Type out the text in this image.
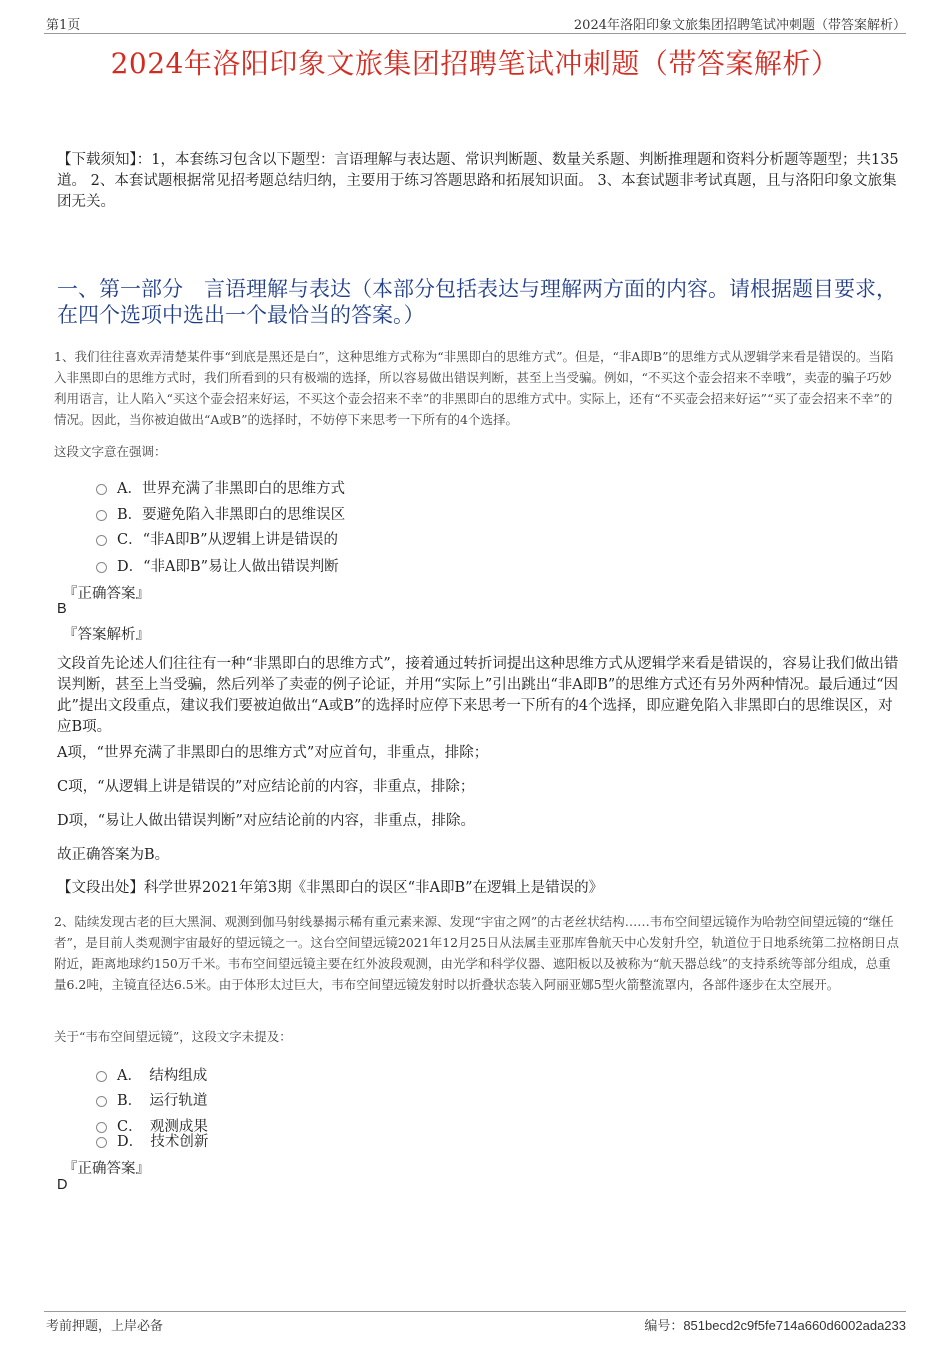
第1页	2024年洛阳印象文旅集团招聘笔试冲刺题（带答案解析）
2024年洛阳印象文旅集团招聘笔试冲刺题（带答案解析）
【下载须知】：1，本套练习包含以下题型：言语理解与表达题、常识判断题、数量关系题、判断推理题和资料分析题等题型；共135道。 2、本套试题根据常见招考题总结归纳，主要用于练习答题思路和拓展知识面。 3、本套试题非考试真题，且与洛阳印象文旅集团无关。
一、第一部分　言语理解与表达（本部分包括表达与理解两方面的内容。请根据题目要求，在四个选项中选出一个最恰当的答案。）
1、我们往往喜欢弄清楚某件事“到底是黑还是白”，这种思维方式称为“非黑即白的思维方式”。但是，“非A即B”的思维方式从逻辑学来看是错误的。当陷入非黑即白的思维方式时，我们所看到的只有极端的选择，所以容易做出错误判断，甚至上当受骗。例如，“不买这个壶会招来不幸哦”，卖壶的骗子巧妙利用语言，让人陷入“买这个壶会招来好运，不买这个壶会招来不幸”的非黑即白的思维方式中。实际上，还有“不买壶会招来好运”“买了壶会招来不幸”的情况。因此，当你被迫做出“A或B”的选择时，不妨停下来思考一下所有的4个选择。
这段文字意在强调：
A．世界充满了非黑即白的思维方式
B．要避免陷入非黑即白的思维误区
C．“非A即B”从逻辑上讲是错误的
D．“非A即B”易让人做出错误判断
『正确答案』
B
『答案解析』
文段首先论述人们往往有一种“非黑即白的思维方式”，接着通过转折词提出这种思维方式从逻辑学来看是错误的，容易让我们做出错误判断，甚至上当受骗，然后列举了卖壶的例子论证，并用“实际上”引出跳出“非A即B”的思维方式还有另外两种情况。最后通过“因此”提出文段重点，建议我们要被迫做出“A或B”的选择时应停下来思考一下所有的4个选择，即应避免陷入非黑即白的思维误区，对应B项。
A项，“世界充满了非黑即白的思维方式”对应首句，非重点，排除；
C项，“从逻辑上讲是错误的”对应结论前的内容，非重点，排除；
D项，“易让人做出错误判断”对应结论前的内容，非重点，排除。
故正确答案为B。
【文段出处】科学世界2021年第3期《非黑即白的误区“非A即B”在逻辑上是错误的》
2、陆续发现古老的巨大黑洞、观测到伽马射线暴揭示稀有重元素来源、发现“宇宙之网”的古老丝状结构……韦布空间望远镜作为哈勃空间望远镜的“继任者”，是目前人类观测宇宙最好的望远镜之一。这台空间望远镜2021年12月25日从法属圭亚那库鲁航天中心发射升空，轨道位于日地系统第二拉格朗日点附近，距离地球约150万千米。韦布空间望远镜主要在红外波段观测，由光学和科学仪器、遮阳板以及被称为“航天器总线”的支持系统等部分组成，总重量6.2吨，主镜直径达6.5米。由于体形太过巨大，韦布空间望远镜发射时以折叠状态装入阿丽亚娜5型火箭整流罩内，各部件逐步在太空展开。
关于“韦布空间望远镜”，这段文字未提及：
A．　结构组成
B．　运行轨道
C．　观测成果
D．　技术创新
『正确答案』
D
考前押题，上岸必备	编号：851becd2c9f5fe714a660d6002ada233
